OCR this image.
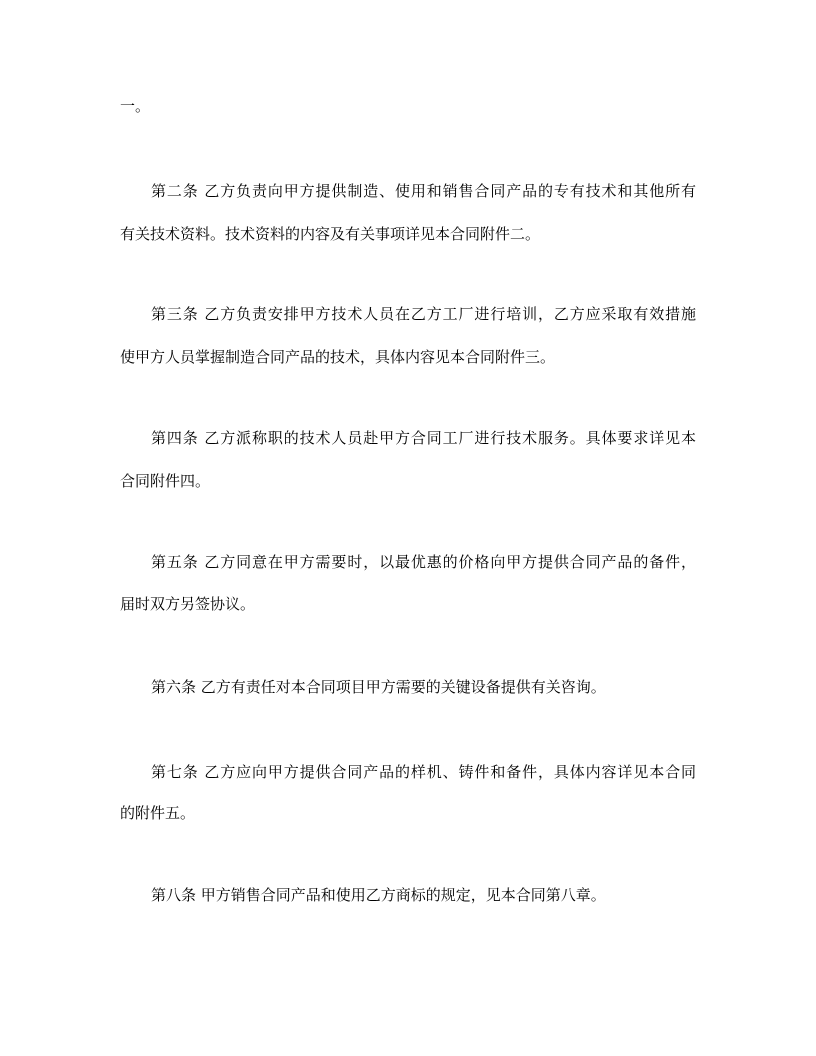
一。
第二条 乙方负责向甲方提供制造、使用和销售合同产品的专有技术和其他所有
有关技术资料。技术资料的内容及有关事项详见本合同附件二。
第三条 乙方负责安排甲方技术人员在乙方工厂进行培训，乙方应采取有效措施
使甲方人员掌握制造合同产品的技术，具体内容见本合同附件三。
第四条 乙方派称职的技术人员赴甲方合同工厂进行技术服务。具体要求详见本
合同附件四。
第五条 乙方同意在甲方需要时，以最优惠的价格向甲方提供合同产品的备件，
届时双方另签协议。
第六条 乙方有责任对本合同项目甲方需要的关键设备提供有关咨询。
第七条 乙方应向甲方提供合同产品的样机、铸件和备件，具体内容详见本合同
的附件五。
第八条 甲方销售合同产品和使用乙方商标的规定，见本合同第八章。
